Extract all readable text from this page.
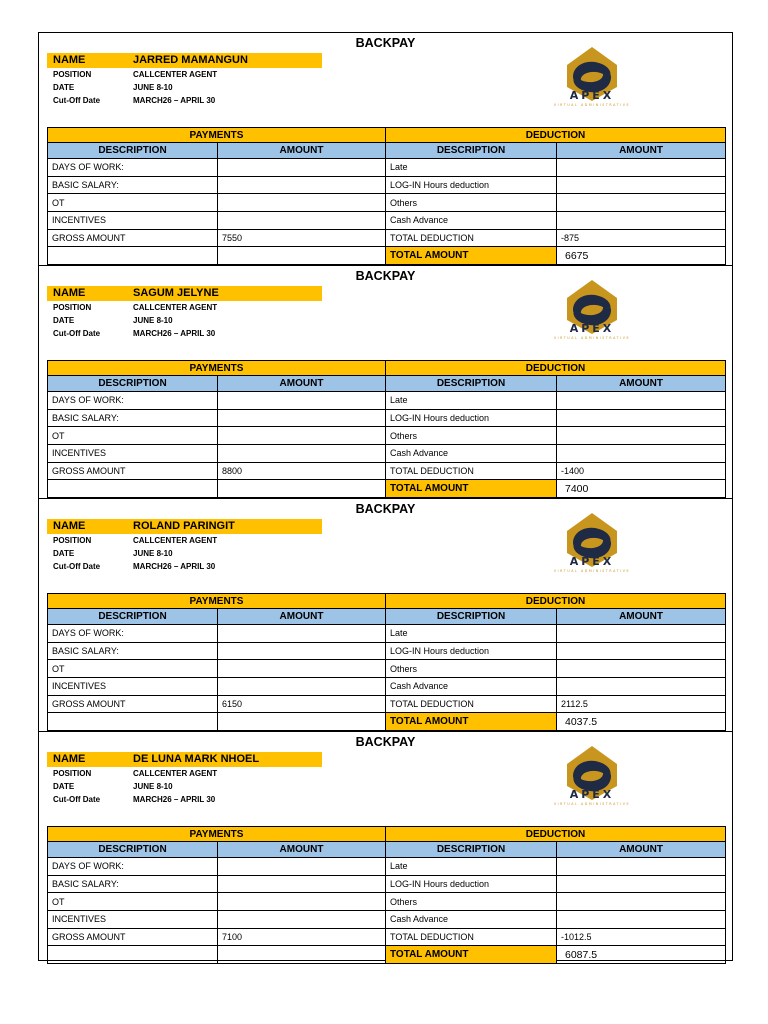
BACKPAY
NAME	JARRED MAMANGUN
POSITION	CALLCENTER AGENT
DATE	JUNE 8-10
Cut-Off Date	MARCH26 – APRIL 30	APEX
VIRTUAL ADMINISTRATIVE
PAYMENTS		DEDUCTION	
DESCRIPTION	AMOUNT	DESCRIPTION	AMOUNT
DAYS OF WORK:		Late	
BASIC SALARY:		LOG-IN Hours deduction	
OT		Others	
INCENTIVES		Cash Advance	
GROSS AMOUNT	7550	TOTAL DEDUCTION	-875
		TOTAL AMOUNT	6675
BACKPAY
NAME	SAGUM JELYNE
POSITION	CALLCENTER AGENT
DATE	JUNE 8-10
Cut-Off Date	MARCH26 – APRIL 30	APEX
VIRTUAL ADMINISTRATIVE
PAYMENTS		DEDUCTION	
DESCRIPTION	AMOUNT	DESCRIPTION	AMOUNT
DAYS OF WORK:		Late	
BASIC SALARY:		LOG-IN Hours deduction	
OT		Others	
INCENTIVES		Cash Advance	
GROSS AMOUNT	8800	TOTAL DEDUCTION	-1400
		TOTAL AMOUNT	7400
BACKPAY
NAME	ROLAND PARINGIT
POSITION	CALLCENTER AGENT
DATE	JUNE 8-10
Cut-Off Date	MARCH26 – APRIL 30	APEX
VIRTUAL ADMINISTRATIVE
PAYMENTS		DEDUCTION	
DESCRIPTION	AMOUNT	DESCRIPTION	AMOUNT
DAYS OF WORK:		Late	
BASIC SALARY:		LOG-IN Hours deduction	
OT		Others	
INCENTIVES		Cash Advance	
GROSS AMOUNT	6150	TOTAL DEDUCTION	2112.5
		TOTAL AMOUNT	4037.5
BACKPAY
NAME	DE LUNA MARK NHOEL
POSITION	CALLCENTER AGENT
DATE	JUNE 8-10
Cut-Off Date	MARCH26 – APRIL 30	APEX
VIRTUAL ADMINISTRATIVE
PAYMENTS		DEDUCTION	
DESCRIPTION	AMOUNT	DESCRIPTION	AMOUNT
DAYS OF WORK:		Late	
BASIC SALARY:		LOG-IN Hours deduction	
OT		Others	
INCENTIVES		Cash Advance	
GROSS AMOUNT	7100	TOTAL DEDUCTION	-1012.5
		TOTAL AMOUNT	6087.5
